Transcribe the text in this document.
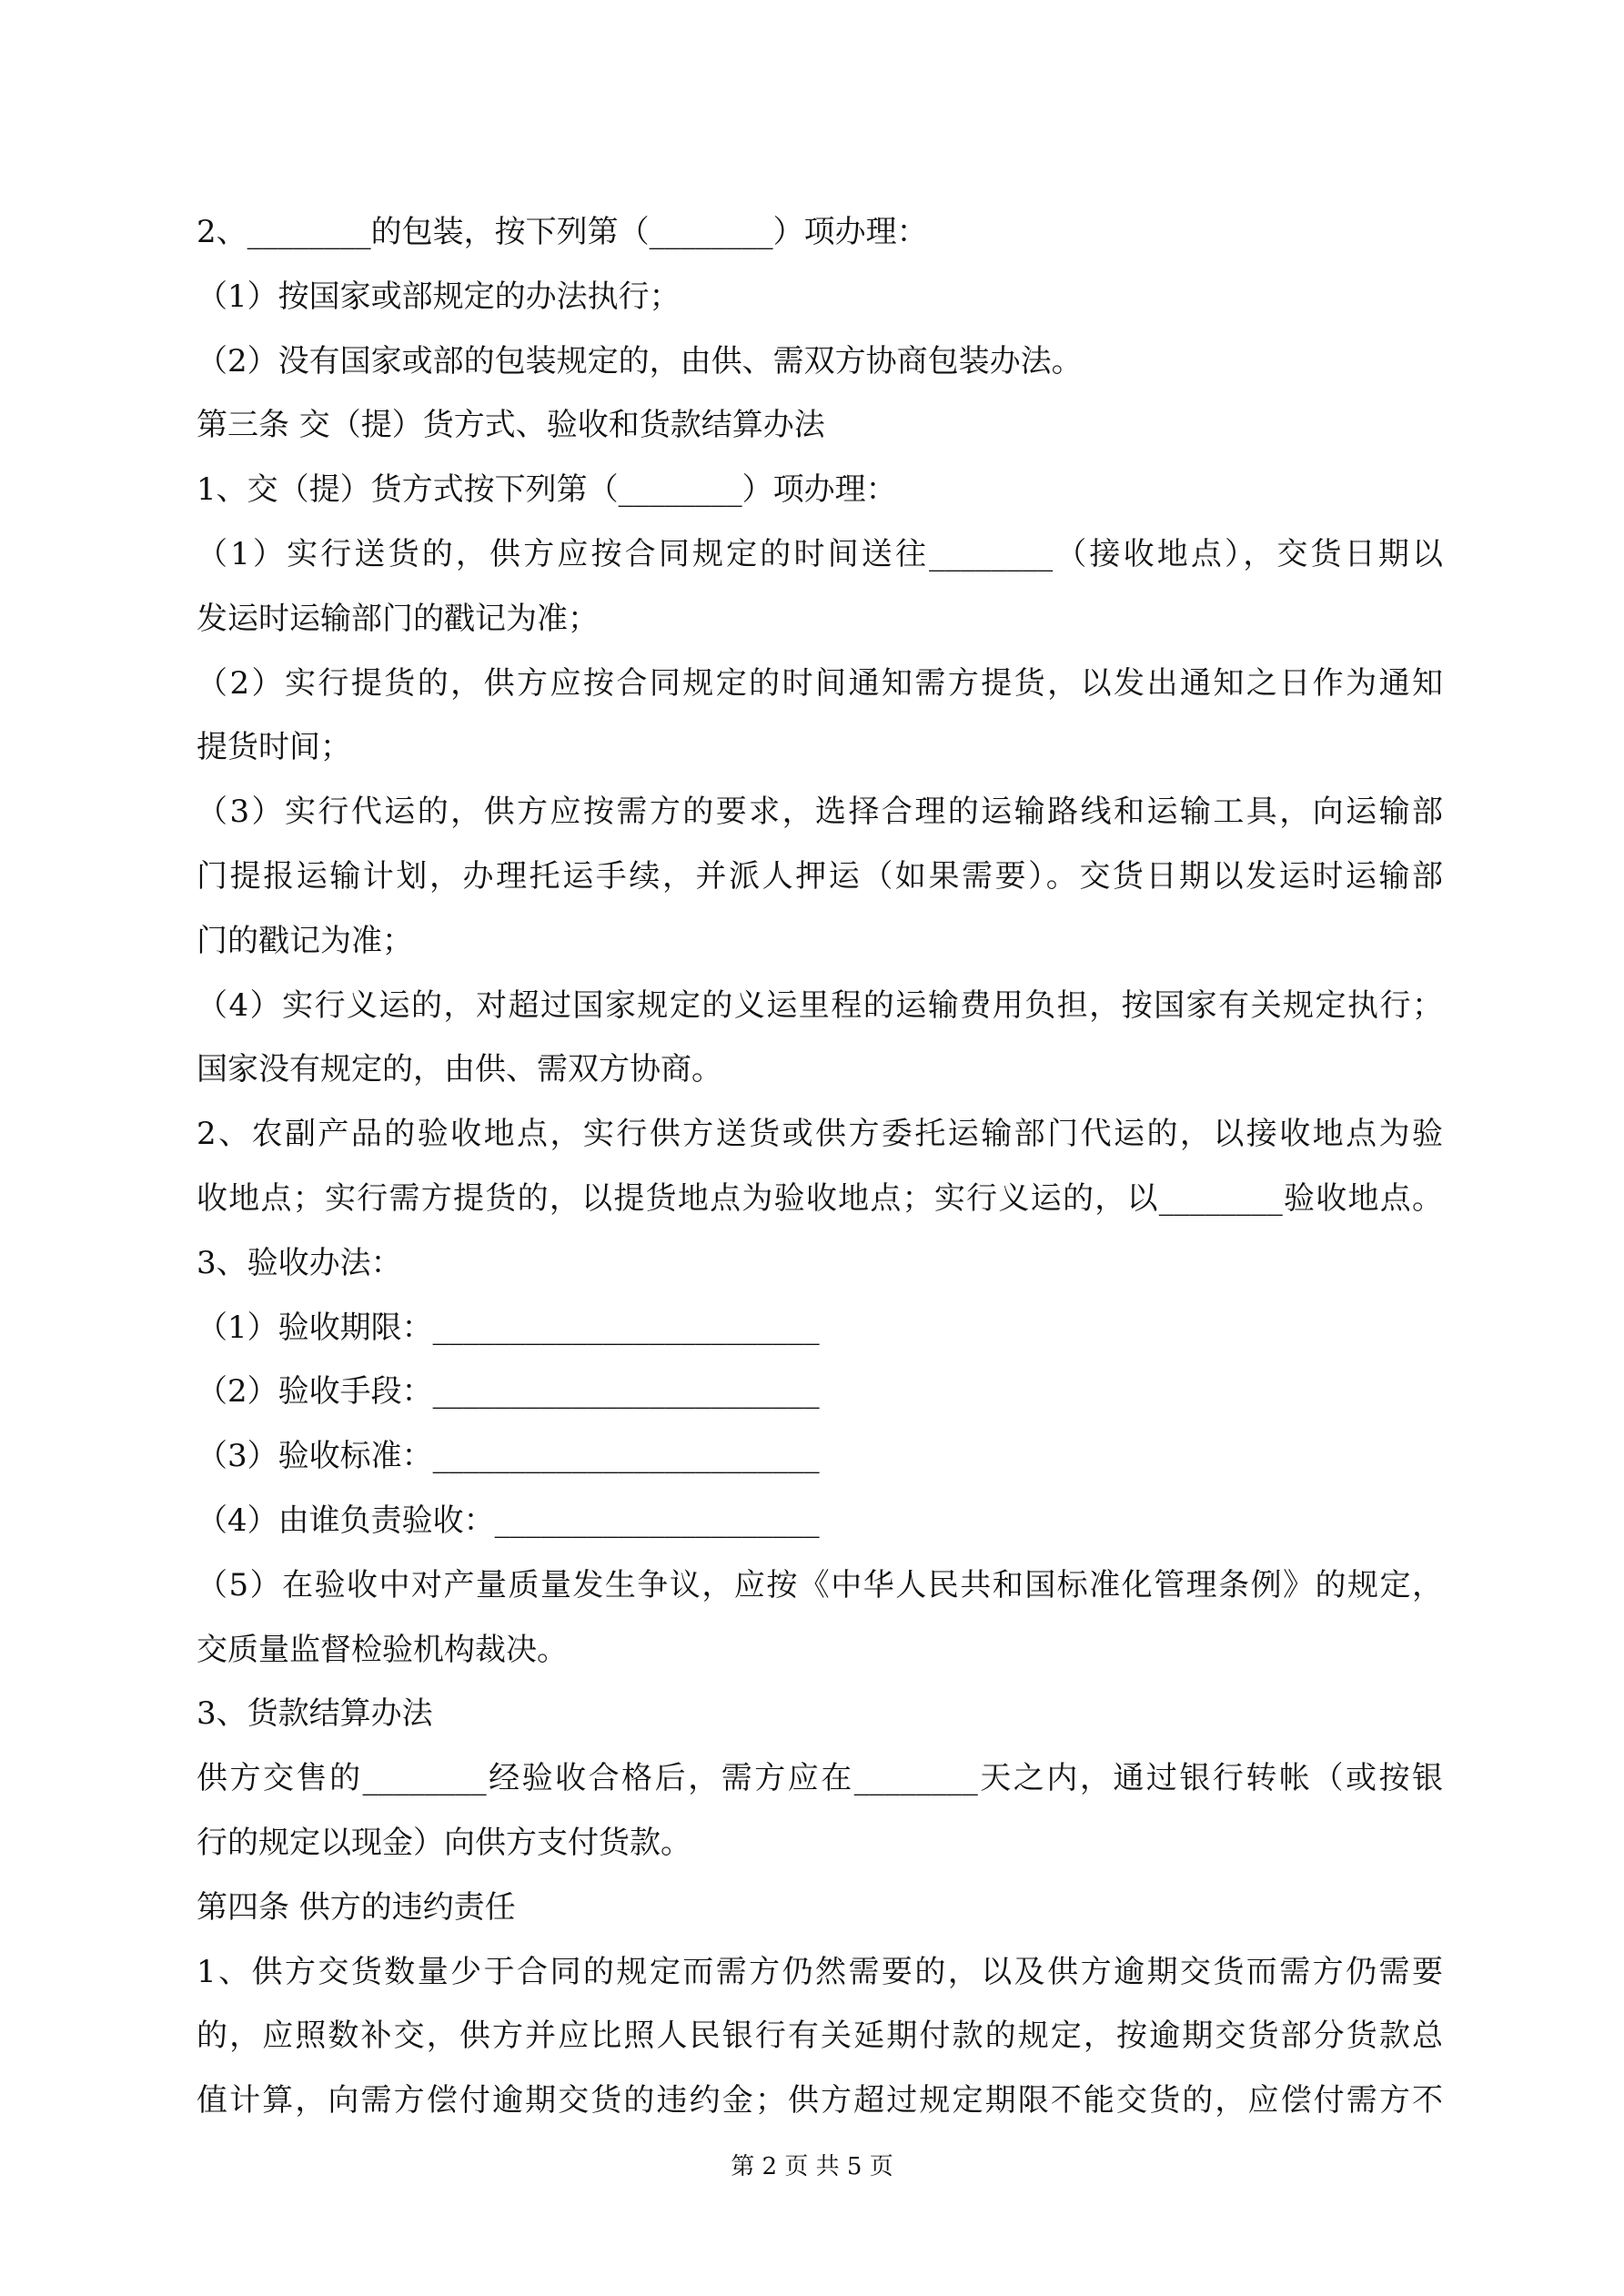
2、________的包装，按下列第（________）项办理：
（1）按国家或部规定的办法执行；
（2）没有国家或部的包装规定的，由供、需双方协商包装办法。
第三条 交（提）货方式、验收和货款结算办法
1、交（提）货方式按下列第（________）项办理：
（1）实行送货的，供方应按合同规定的时间送往________（接收地点），交货日期以
发运时运输部门的戳记为准；
（2）实行提货的，供方应按合同规定的时间通知需方提货，以发出通知之日作为通知
提货时间；
（3）实行代运的，供方应按需方的要求，选择合理的运输路线和运输工具，向运输部
门提报运输计划，办理托运手续，并派人押运（如果需要）。交货日期以发运时运输部
门的戳记为准；
（4）实行义运的，对超过国家规定的义运里程的运输费用负担，按国家有关规定执行；
国家没有规定的，由供、需双方协商。
2、农副产品的验收地点，实行供方送货或供方委托运输部门代运的，以接收地点为验
收地点；实行需方提货的，以提货地点为验收地点；实行义运的，以________验收地点。
3、验收办法：
（1）验收期限：_________________________
（2）验收手段：_________________________
（3）验收标准：_________________________
（4）由谁负责验收：_____________________
（5）在验收中对产量质量发生争议，应按《中华人民共和国标准化管理条例》的规定，
交质量监督检验机构裁决。
3、货款结算办法
供方交售的________经验收合格后，需方应在________天之内，通过银行转帐（或按银
行的规定以现金）向供方支付货款。
第四条 供方的违约责任
1、供方交货数量少于合同的规定而需方仍然需要的，以及供方逾期交货而需方仍需要
的，应照数补交，供方并应比照人民银行有关延期付款的规定，按逾期交货部分货款总
值计算，向需方偿付逾期交货的违约金；供方超过规定期限不能交货的，应偿付需方不
第 2 页 共 5 页
